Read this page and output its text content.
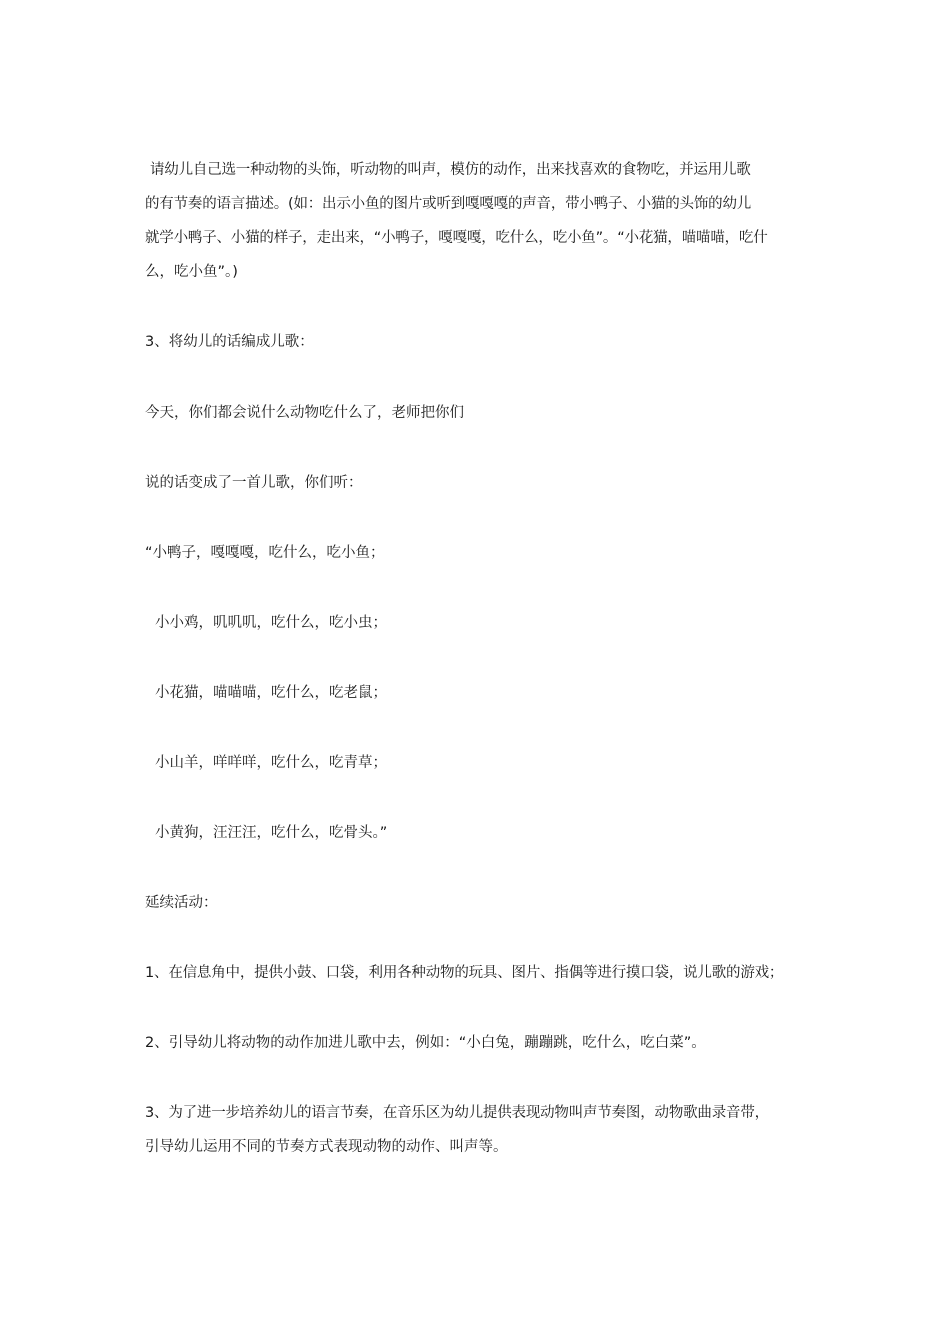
请幼儿自己选一种动物的头饰，听动物的叫声，模仿的动作，出来找喜欢的食物吃，并运用儿歌
的有节奏的语言描述。(如：出示小鱼的图片或听到嘎嘎嘎的声音，带小鸭子、小猫的头饰的幼儿
就学小鸭子、小猫的样子，走出来，“小鸭子，嘎嘎嘎，吃什么，吃小鱼”。“小花猫，喵喵喵，吃什
么，吃小鱼”。)
3、将幼儿的话编成儿歌：
今天，你们都会说什么动物吃什么了，老师把你们
说的话变成了一首儿歌，你们听：
“小鸭子，嘎嘎嘎，吃什么，吃小鱼；
小小鸡，叽叽叽，吃什么，吃小虫；
小花猫，喵喵喵，吃什么，吃老鼠；
小山羊，咩咩咩，吃什么，吃青草；
小黄狗，汪汪汪，吃什么，吃骨头。”
延续活动：
1、在信息角中，提供小鼓、口袋，利用各种动物的玩具、图片、指偶等进行摸口袋，说儿歌的游戏；
2、引导幼儿将动物的动作加进儿歌中去，例如：“小白兔，蹦蹦跳，吃什么，吃白菜”。
3、为了进一步培养幼儿的语言节奏，在音乐区为幼儿提供表现动物叫声节奏图，动物歌曲录音带，
引导幼儿运用不同的节奏方式表现动物的动作、叫声等。
